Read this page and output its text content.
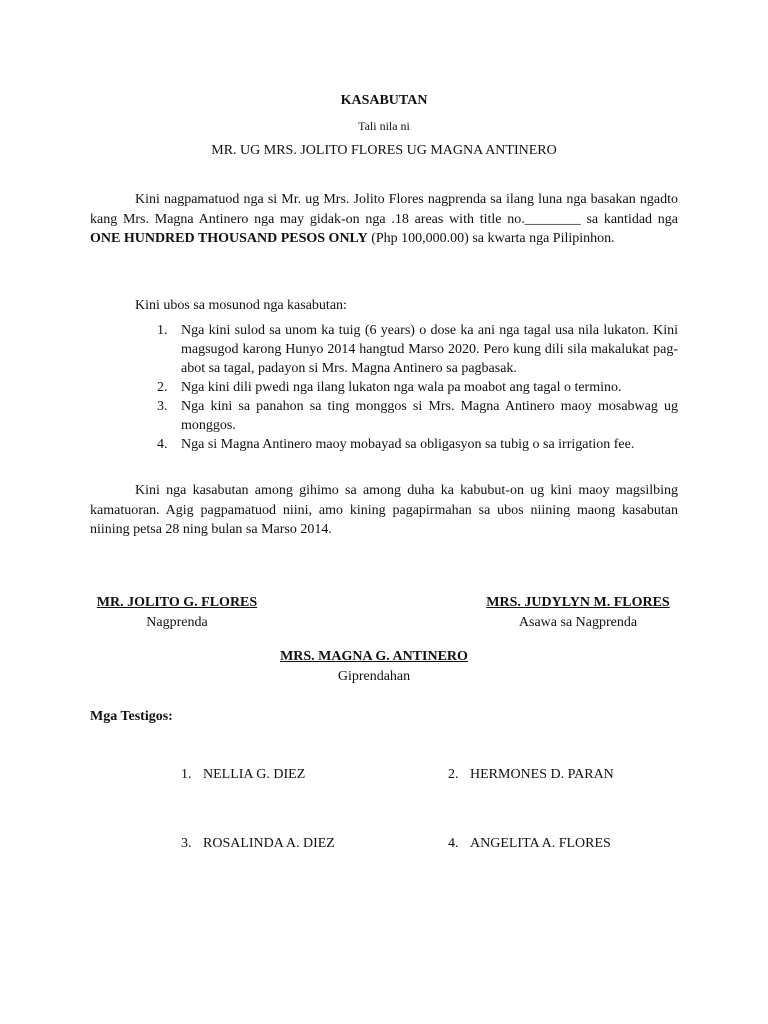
KASABUTAN
Tali nila ni
MR. UG MRS. JOLITO FLORES UG MAGNA ANTINERO

Kini nagpamatuod nga si Mr. ug Mrs. Jolito Flores nagprenda sa ilang luna nga basakan ngadto kang Mrs. Magna Antinero nga may gidak-on nga .18 areas with title no.________ sa kantidad nga ONE HUNDRED THOUSAND PESOS ONLY (Php 100,000.00) sa kwarta nga Pilipinhon.

Kini ubos sa mosunod nga kasabutan:

1. Nga kini sulod sa unom ka tuig (6 years) o dose ka ani nga tagal usa nila lukaton. Kini magsugod karong Hunyo 2014 hangtud Marso 2020. Pero kung dili sila makalukat pag-abot sa tagal, padayon si Mrs. Magna Antinero sa pagbasak.
2. Nga kini dili pwedi nga ilang lukaton nga wala pa moabot ang tagal o termino.
3. Nga kini sa panahon sa ting monggos si Mrs. Magna Antinero maoy mosabwag ug monggos.
4. Nga si Magna Antinero maoy mobayad sa obligasyon sa tubig o sa irrigation fee.

Kini nga kasabutan among gihimo sa among duha ka kabubut-on ug kini maoy magsilbing kamatuoran. Agig pagpamatuod niini, amo kining pagapirmahan sa ubos niining maong kasabutan niining petsa 28 ning bulan sa Marso 2014.

MR. JOLITO G. FLORES
Nagprenda
MRS. JUDYLYN M. FLORES
Asawa sa Nagprenda
MRS. MAGNA G. ANTINERO
Giprendahan
Mga Testigos:
1. NELLIA G. DIEZ	2. HERMONES D. PARAN
3. ROSALINDA A. DIEZ	4. ANGELITA A. FLORES
